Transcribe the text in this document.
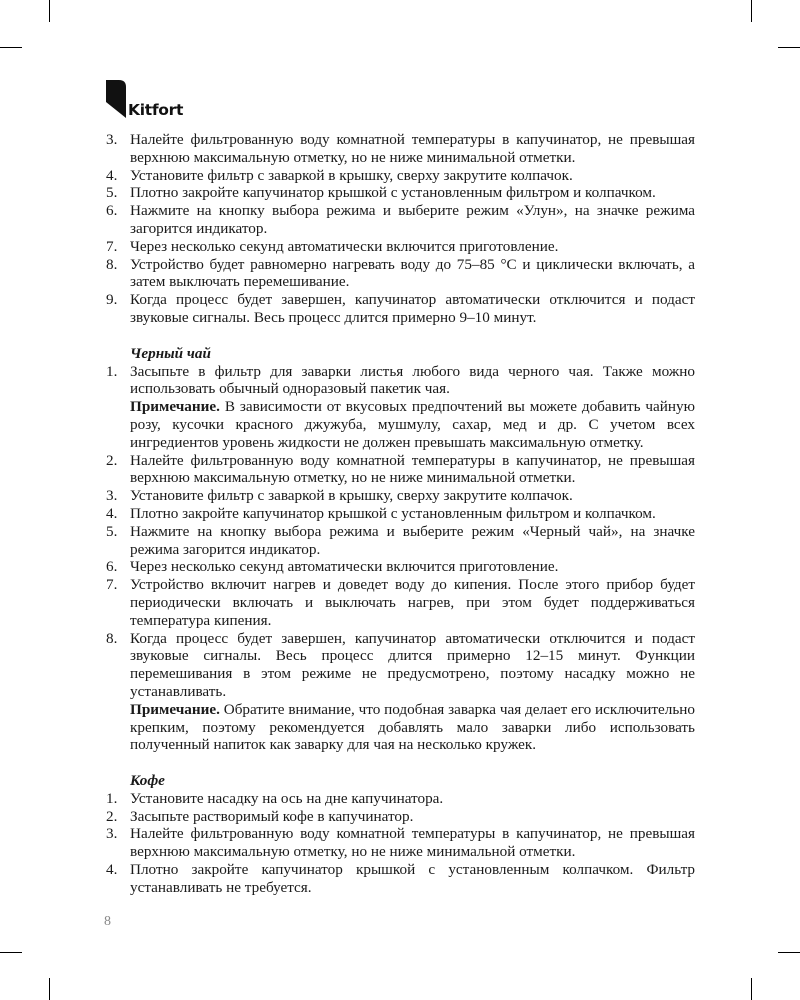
Kitfort
3. Налейте фильтрованную воду комнатной температуры в капучинатор, не превышая верхнюю максимальную отметку, но не ниже минимальной отметки.
4. Установите фильтр с заваркой в крышку, сверху закрутите колпачок.
5. Плотно закройте капучинатор крышкой с установленным фильтром и колпачком.
6. Нажмите на кнопку выбора режима и выберите режим «Улун», на значке режима загорится индикатор.
7. Через несколько секунд автоматически включится приготовление.
8. Устройство будет равномерно нагревать воду до 75–85 °С и циклически включать, а затем выключать перемешивание.
9. Когда процесс будет завершен, капучинатор автоматически отключится и подаст звуковые сигналы. Весь процесс длится примерно 9–10 минут.
Черный чай
1. Засыпьте в фильтр для заварки листья любого вида черного чая. Также можно использовать обычный одноразовый пакетик чая.
Примечание. В зависимости от вкусовых предпочтений вы можете добавить чайную розу, кусочки красного джужуба, мушмулу, сахар, мед и др. С учетом всех ингредиентов уровень жидкости не должен превышать максимальную отметку.
2. Налейте фильтрованную воду комнатной температуры в капучинатор, не превышая верхнюю максимальную отметку, но не ниже минимальной отметки.
3. Установите фильтр с заваркой в крышку, сверху закрутите колпачок.
4. Плотно закройте капучинатор крышкой с установленным фильтром и колпачком.
5. Нажмите на кнопку выбора режима и выберите режим «Черный чай», на значке режима загорится индикатор.
6. Через несколько секунд автоматически включится приготовление.
7. Устройство включит нагрев и доведет воду до кипения. После этого прибор будет периодически включать и выключать нагрев, при этом будет поддерживаться температура кипения.
8. Когда процесс будет завершен, капучинатор автоматически отключится и подаст звуковые сигналы. Весь процесс длится примерно 12–15 минут. Функции перемешивания в этом режиме не предусмотрено, поэтому насадку можно не устанавливать.
Примечание. Обратите внимание, что подобная заварка чая делает его исключительно крепким, поэтому рекомендуется добавлять мало заварки либо использовать полученный напиток как заварку для чая на несколько кружек.
Кофе
1. Установите насадку на ось на дне капучинатора.
2. Засыпьте растворимый кофе в капучинатор.
3. Налейте фильтрованную воду комнатной температуры в капучинатор, не превышая верхнюю максимальную отметку, но не ниже минимальной отметки.
4. Плотно закройте капучинатор крышкой с установленным колпачком. Фильтр устанавливать не требуется.
8
